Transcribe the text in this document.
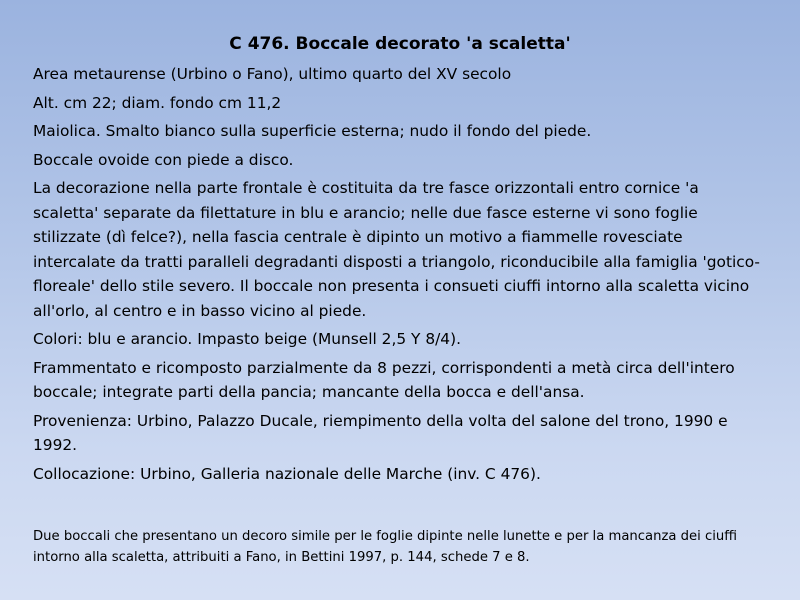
C 476. Boccale decorato 'a scaletta'

Area metaurense (Urbino o Fano), ultimo quarto del XV secolo

Alt. cm 22; diam. fondo cm 11,2

Maiolica. Smalto bianco sulla superficie esterna; nudo il fondo del piede.

Boccale ovoide con piede a disco.

La decorazione nella parte frontale è costituita da tre fasce orizzontali entro cornice 'a scaletta' separate da filettature in blu e arancio; nelle due fasce esterne vi sono foglie stilizzate (dì felce?), nella fascia centrale è dipinto un motivo a fiammelle rovesciate intercalate da tratti paralleli degradanti disposti a triangolo, riconducibile alla famiglia 'gotico-floreale' dello stile severo. Il boccale non presenta i consueti ciuffi intorno alla scaletta vicino all'orlo, al centro e in basso vicino al piede.

Colori: blu e arancio. Impasto beige (Munsell 2,5 Y 8/4).

Frammentato e ricomposto parzialmente da 8 pezzi, corrispondenti a metà circa dell'intero boccale; integrate parti della pancia; mancante della bocca e dell'ansa.

Provenienza: Urbino, Palazzo Ducale, riempimento della volta del salone del trono, 1990 e 1992.

Collocazione: Urbino, Galleria nazionale delle Marche (inv. C 476).

Due boccali che presentano un decoro simile per le foglie dipinte nelle lunette e per la mancanza dei ciuffi intorno alla scaletta, attribuiti a Fano, in Bettini 1997, p. 144, schede 7 e 8.
